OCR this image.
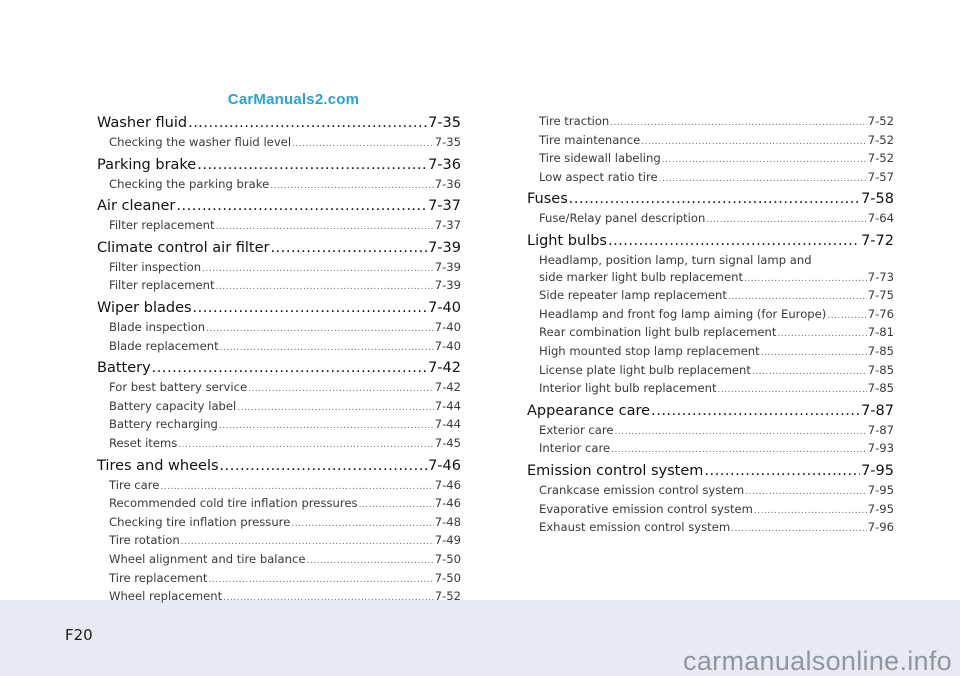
CarManuals2.com
Washer fluid .....	7-35
Checking the washer fluid level .....	7-35
Parking brake .....	7-36
Checking the parking brake .....	7-36
Air cleaner .....	7-37
Filter replacement .....	7-37
Climate control air filter .....	7-39
Filter inspection .....	7-39
Filter replacement .....	7-39
Wiper blades .....	7-40
Blade inspection .....	7-40
Blade replacement .....	7-40
Battery .....	7-42
For best battery service .....	7-42
Battery capacity label .....	7-44
Battery recharging .....	7-44
Reset items .....	7-45
Tires and wheels .....	7-46
Tire care .....	7-46
Recommended cold tire inflation pressures .....	7-46
Checking tire inflation pressure .....	7-48
Tire rotation .....	7-49
Wheel alignment and tire balance .....	7-50
Tire replacement .....	7-50
Wheel replacement .....	7-52
Tire traction .....	7-52
Tire maintenance .....	7-52
Tire sidewall labeling .....	7-52
Low aspect ratio tire .....	7-57
Fuses .....	7-58
Fuse/Relay panel description .....	7-64
Light bulbs .....	7-72
Headlamp, position lamp, turn signal lamp and
side marker light bulb replacement .....	7-73
Side repeater lamp replacement .....	7-75
Headlamp and front fog lamp aiming (for Europe) .....	7-76
Rear combination light bulb replacement .....	7-81
High mounted stop lamp replacement .....	7-85
License plate light bulb replacement .....	7-85
Interior light bulb replacement .....	7-85
Appearance care .....	7-87
Exterior care .....	7-87
Interior care .....	7-93
Emission control system .....	7-95
Crankcase emission control system .....	7-95
Evaporative emission control system .....	7-95
Exhaust emission control system .....	7-96
F20
carmanualsonline.info
